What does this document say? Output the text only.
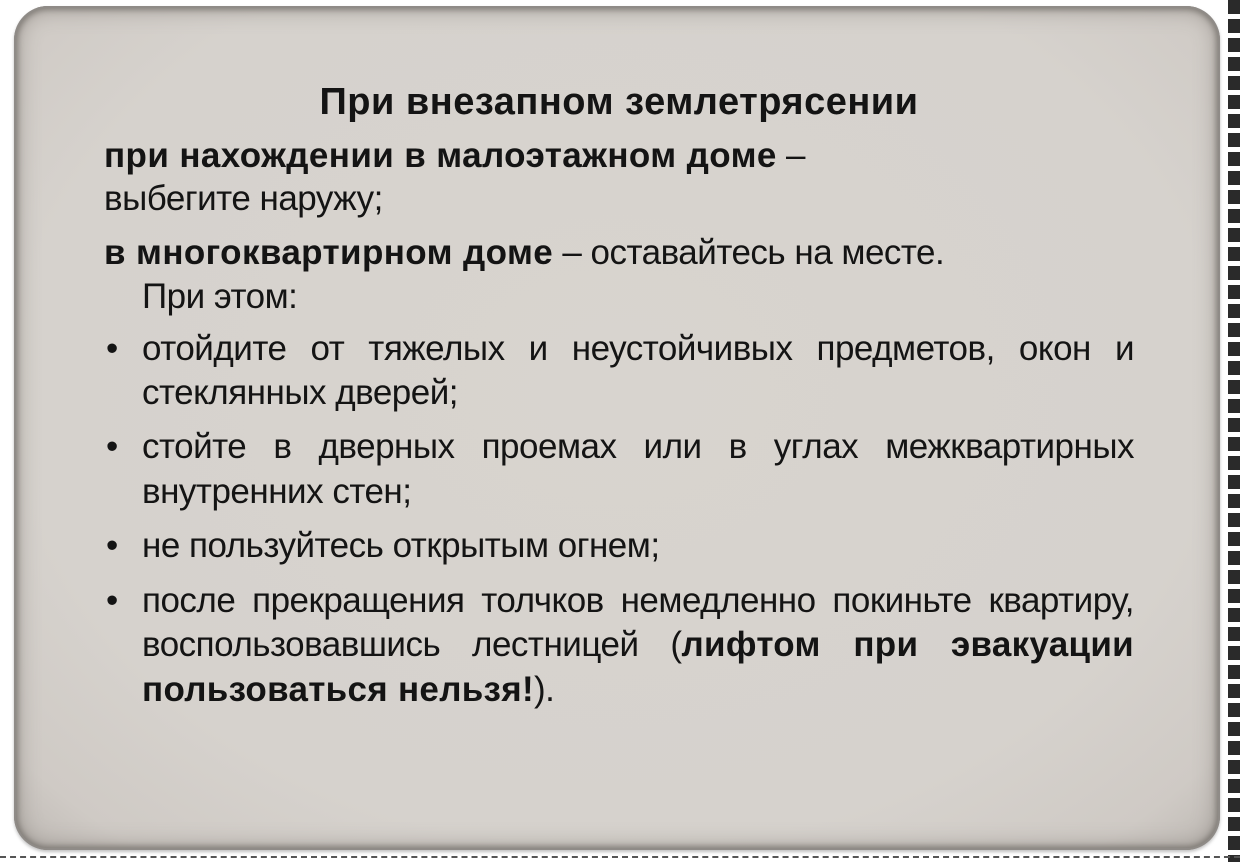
При внезапном землетрясении

при нахождении в малоэтажном доме –
выбегите наружу;

в многоквартирном доме – оставайтесь на месте.
При этом:

• отойдите от тяжелых и неустойчивых предметов, окон и стеклянных дверей;
• стойте в дверных проемах или в углах межквартирных внутренних стен;
• не пользуйтесь открытым огнем;
• после прекращения толчков немедленно покиньте квартиру, воспользовавшись лестницей (лифтом при эвакуации пользоваться нельзя!).
